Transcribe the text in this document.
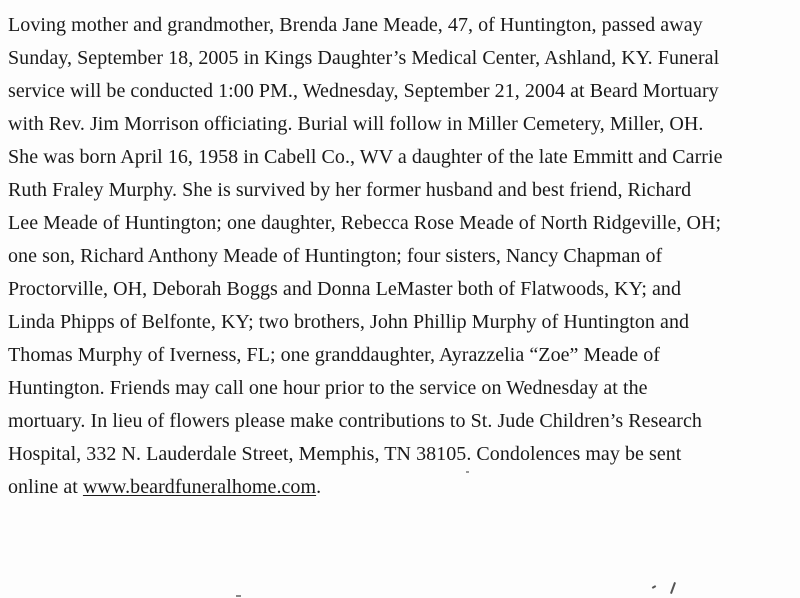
Loving mother and grandmother, Brenda Jane Meade, 47, of Huntington, passed away
Sunday, September 18, 2005 in Kings Daughter’s Medical Center, Ashland, KY. Funeral
service will be conducted 1:00 PM., Wednesday, September 21, 2004 at Beard Mortuary
with Rev. Jim Morrison officiating. Burial will follow in Miller Cemetery, Miller, OH.
She was born April 16, 1958 in Cabell Co., WV a daughter of the late Emmitt and Carrie
Ruth Fraley Murphy. She is survived by her former husband and best friend, Richard
Lee Meade of Huntington; one daughter, Rebecca Rose Meade of North Ridgeville, OH;
one son, Richard Anthony Meade of Huntington; four sisters, Nancy Chapman of
Proctorville, OH, Deborah Boggs and Donna LeMaster both of Flatwoods, KY; and
Linda Phipps of Belfonte, KY; two brothers, John Phillip Murphy of Huntington and
Thomas Murphy of Iverness, FL; one granddaughter, Ayrazzelia “Zoe” Meade of
Huntington. Friends may call one hour prior to the service on Wednesday at the
mortuary. In lieu of flowers please make contributions to St. Jude Children’s Research
Hospital, 332 N. Lauderdale Street, Memphis, TN 38105. Condolences may be sent
online at www.beardfuneralhome.com.
